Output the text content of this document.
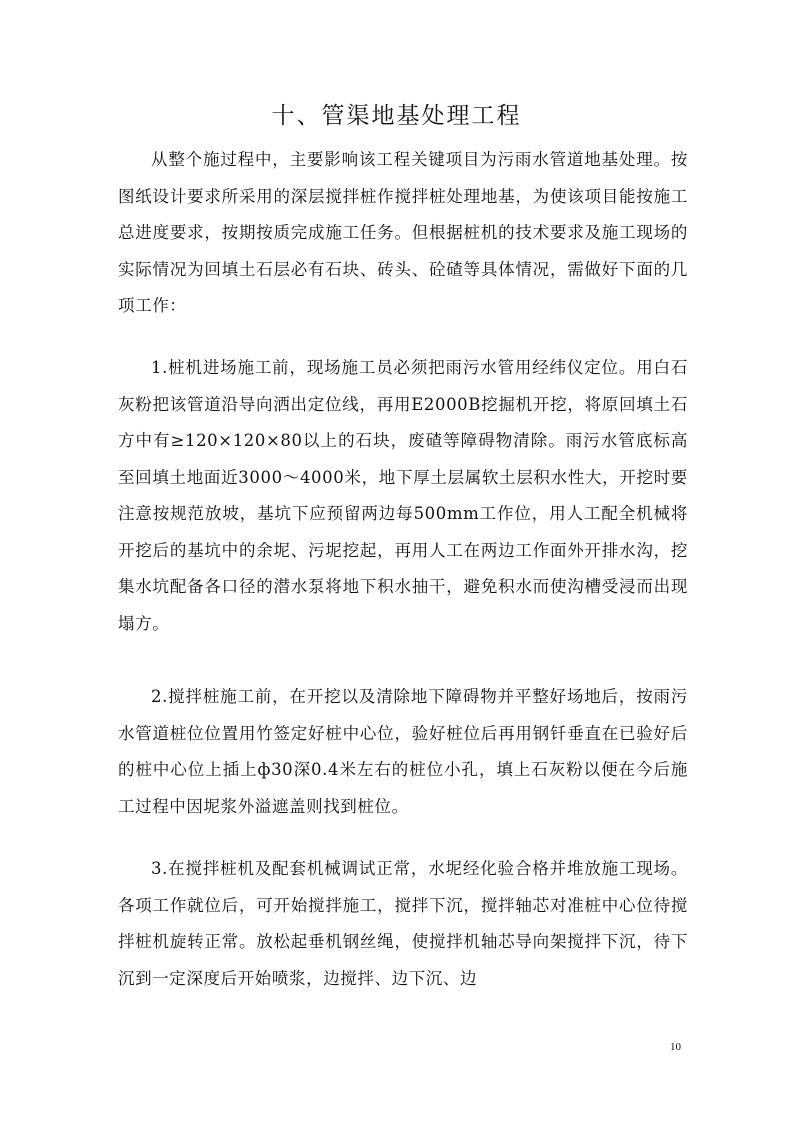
十、管渠地基处理工程

从整个施过程中，主要影响该工程关键项目为污雨水管道地基处理。按图纸设计要求所采用的深层搅拌桩作搅拌桩处理地基，为使该项目能按施工总进度要求，按期按质完成施工任务。但根据桩机的技术要求及施工现场的实际情况为回填土石层必有石块、砖头、砼碴等具体情况，需做好下面的几项工作：

1.桩机进场施工前，现场施工员必须把雨污水管用经纬仪定位。用白石灰粉把该管道沿导向洒出定位线，再用E2000B挖掘机开挖，将原回填土石方中有≥120×120×80以上的石块，废碴等障碍物清除。雨污水管底标高至回填土地面近3000～4000米，地下厚土层属软土层积水性大，开挖时要注意按规范放坡，基坑下应预留两边每500mm工作位，用人工配全机械将开挖后的基坑中的余坭、污坭挖起，再用人工在两边工作面外开排水沟，挖集水坑配备各口径的潜水泵将地下积水抽干，避免积水而使沟槽受浸而出现塌方。

2.搅拌桩施工前，在开挖以及清除地下障碍物并平整好场地后，按雨污水管道桩位位置用竹签定好桩中心位，验好桩位后再用钢钎垂直在已验好后的桩中心位上插上ф30深0.4米左右的桩位小孔，填上石灰粉以便在今后施工过程中因坭浆外溢遮盖则找到桩位。

3.在搅拌桩机及配套机械调试正常，水坭经化验合格并堆放施工现场。各项工作就位后，可开始搅拌施工，搅拌下沉，搅拌轴芯对准桩中心位待搅拌桩机旋转正常。放松起垂机钢丝绳，使搅拌机轴芯导向架搅拌下沉，待下沉到一定深度后开始喷浆，边搅拌、边下沉、边

10
